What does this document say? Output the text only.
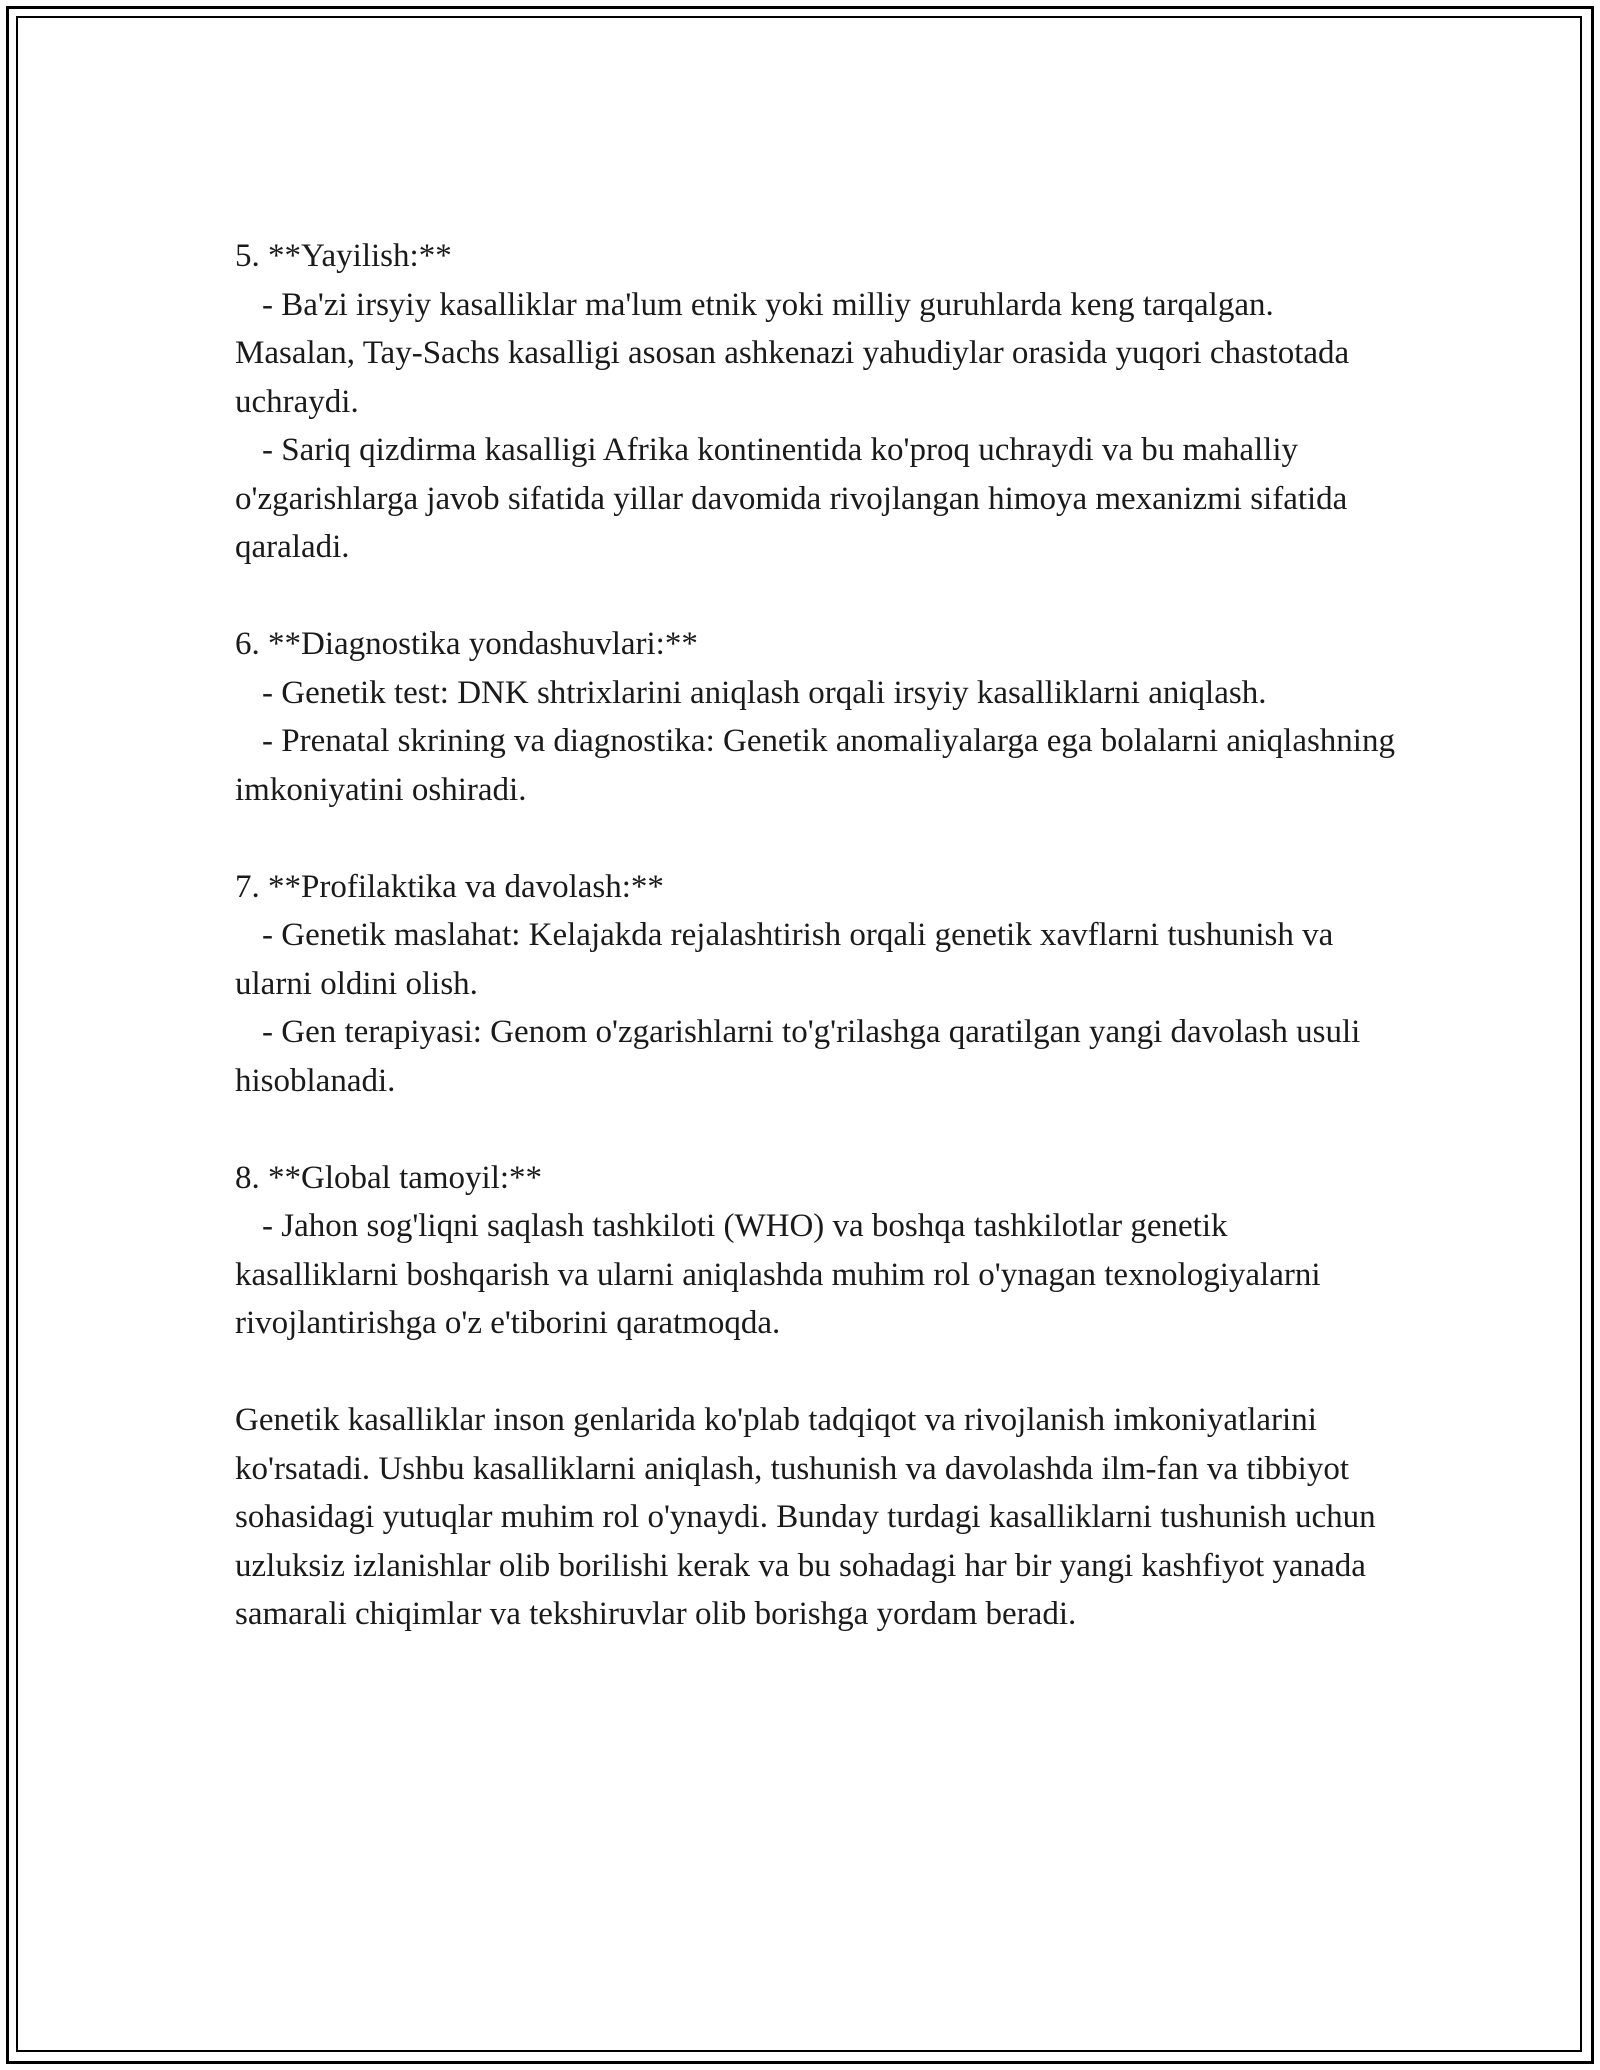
5. **Yayilish:**

- Ba'zi irsyiy kasalliklar ma'lum etnik yoki milliy guruhlarda keng tarqalgan. Masalan, Tay-Sachs kasalligi asosan ashkenazi yahudiylar orasida yuqori chastotada uchraydi.

- Sariq qizdirma kasalligi Afrika kontinentida ko'proq uchraydi va bu mahalliy o'zgarishlarga javob sifatida yillar davomida rivojlangan himoya mexanizmi sifatida qaraladi.

6. **Diagnostika yondashuvlari:**

- Genetik test: DNK shtrixlarini aniqlash orqali irsyiy kasalliklarni aniqlash.

- Prenatal skrining va diagnostika: Genetik anomaliyalarga ega bolalarni aniqlashning imkoniyatini oshiradi.

7. **Profilaktika va davolash:**

- Genetik maslahat: Kelajakda rejalashtirish orqali genetik xavflarni tushunish va ularni oldini olish.

- Gen terapiyasi: Genom o'zgarishlarni to'g'rilashga qaratilgan yangi davolash usuli hisoblanadi.

8. **Global tamoyil:**

- Jahon sog'liqni saqlash tashkiloti (WHO) va boshqa tashkilotlar genetik kasalliklarni boshqarish va ularni aniqlashda muhim rol o'ynagan texnologiyalarni rivojlantirishga o'z e'tiborini qaratmoqda.

Genetik kasalliklar inson genlarida ko'plab tadqiqot va rivojlanish imkoniyatlarini ko'rsatadi. Ushbu kasalliklarni aniqlash, tushunish va davolashda ilm-fan va tibbiyot sohasidagi yutuqlar muhim rol o'ynaydi. Bunday turdagi kasalliklarni tushunish uchun uzluksiz izlanishlar olib borilishi kerak va bu sohadagi har bir yangi kashfiyot yanada samarali chiqimlar va tekshiruvlar olib borishga yordam beradi.
